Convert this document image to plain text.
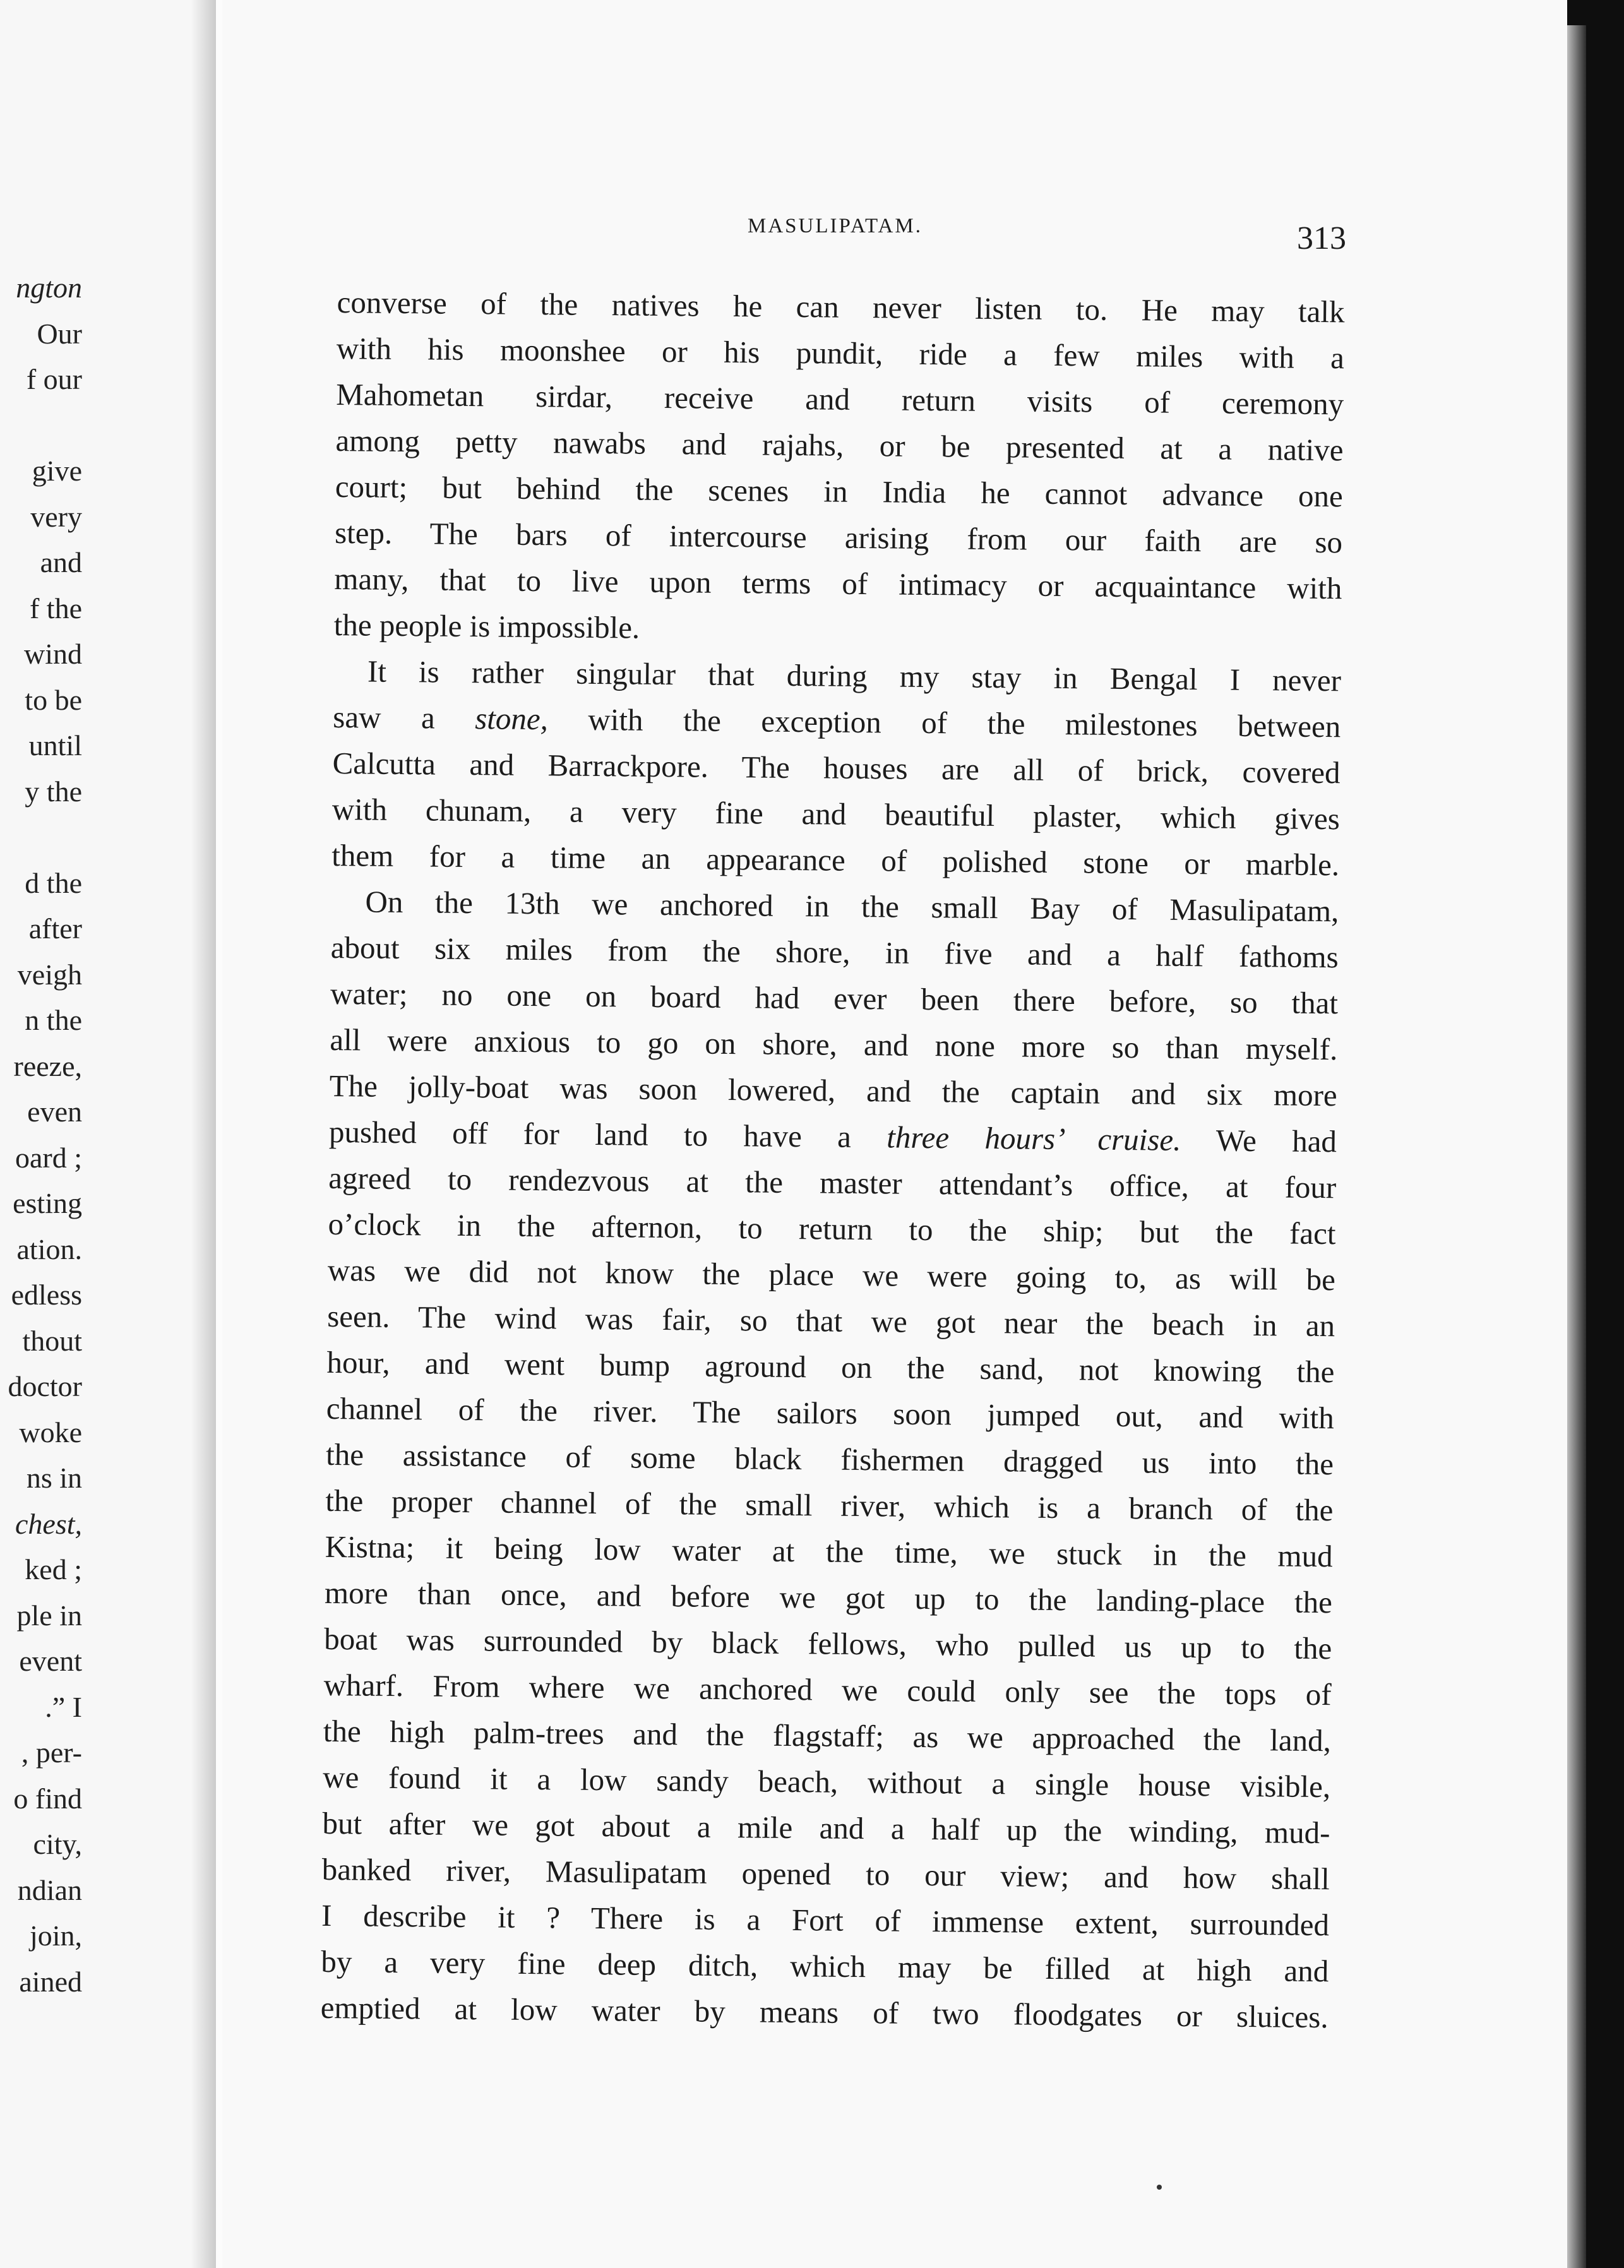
ngton
Our
f our

give
very
and
f the
wind
to be
until
y the

d the
after
veigh
n the
reeze,
even
oard ;
esting
ation.
edless
thout
doctor
woke
ns in
chest,
ked ;
ple in
event
.” I
, per-
o find
city,
ndian
join,
ained
MASULIPATAM.	313
converse of the natives he can never listen to. He may talk
with his moonshee or his pundit, ride a few miles with a
Mahometan sirdar, receive and return visits of ceremony
among petty nawabs and rajahs, or be presented at a native
court; but behind the scenes in India he cannot advance one
step. The bars of intercourse arising from our faith are so
many, that to live upon terms of intimacy or acquaintance with
the people is impossible.
It is rather singular that during my stay in Bengal I never
saw a stone, with the exception of the milestones between
Calcutta and Barrackpore. The houses are all of brick, covered
with chunam, a very fine and beautiful plaster, which gives
them for a time an appearance of polished stone or marble.
On the 13th we anchored in the small Bay of Masulipatam,
about six miles from the shore, in five and a half fathoms
water; no one on board had ever been there before, so that
all were anxious to go on shore, and none more so than myself.
The jolly-boat was soon lowered, and the captain and six more
pushed off for land to have a three hours’ cruise. We had
agreed to rendezvous at the master attendant’s office, at four
o’clock in the afternon, to return to the ship; but the fact
was we did not know the place we were going to, as will be
seen. The wind was fair, so that we got near the beach in an
hour, and went bump aground on the sand, not knowing the
channel of the river. The sailors soon jumped out, and with
the assistance of some black fishermen dragged us into the
the proper channel of the small river, which is a branch of the
Kistna; it being low water at the time, we stuck in the mud
more than once, and before we got up to the landing-place the
boat was surrounded by black fellows, who pulled us up to the
wharf. From where we anchored we could only see the tops of
the high palm-trees and the flagstaff; as we approached the land,
we found it a low sandy beach, without a single house visible,
but after we got about a mile and a half up the winding, mud-
banked river, Masulipatam opened to our view; and how shall
I describe it ? There is a Fort of immense extent, surrounded
by a very fine deep ditch, which may be filled at high and
emptied at low water by means of two floodgates or sluices.
